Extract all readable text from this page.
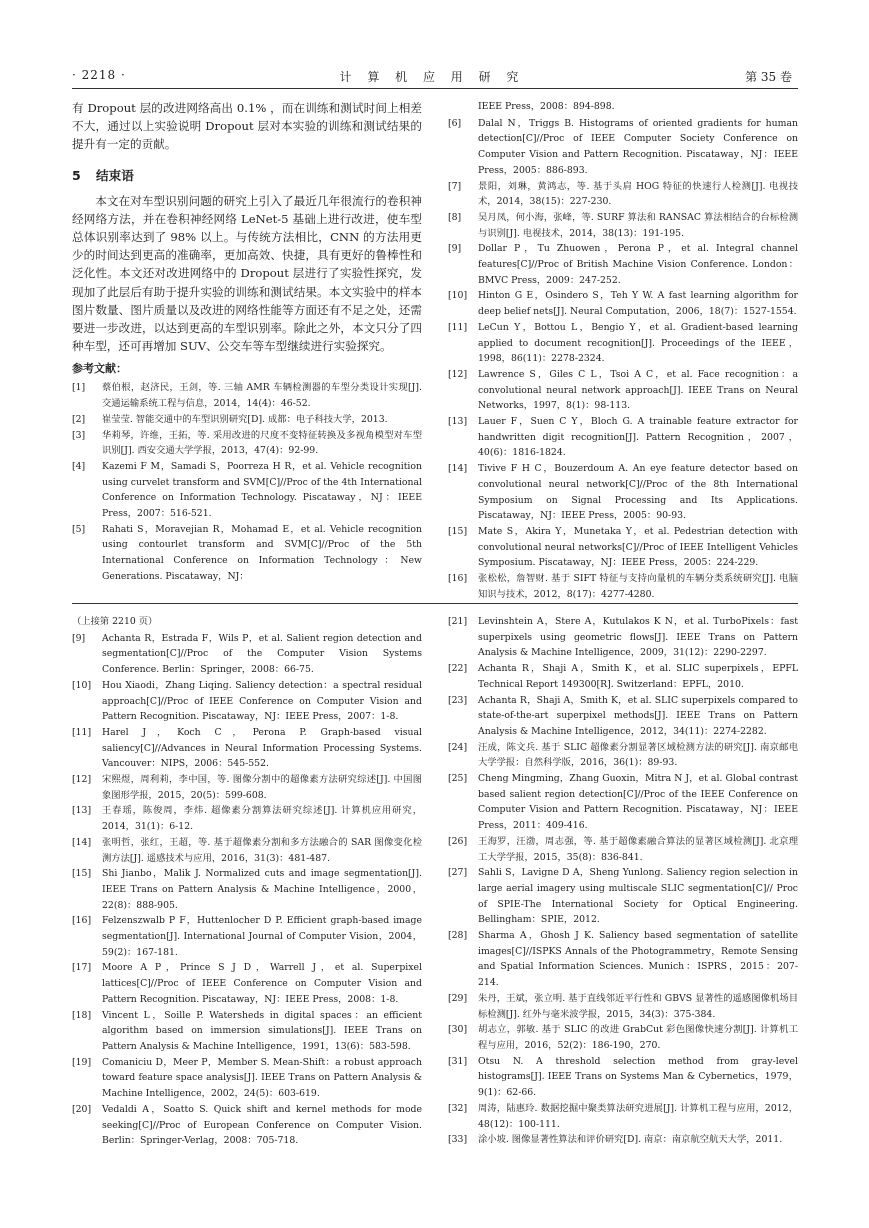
计 算 机 应 用 研 究
· 2218 ·	第 35 卷

有 Dropout 层的改进网络高出 0.1% ，而在训练和测试时间上相差不大，通过以上实验说明 Dropout 层对本实验的训练和测试结果的提升有一定的贡献。

5 结束语

本文在对车型识别问题的研究上引入了最近几年很流行的卷积神经网络方法，并在卷积神经网络 LeNet-5 基础上进行改进，使车型总体识别率达到了 98% 以上。与传统方法相比，CNN 的方法用更少的时间达到更高的准确率，更加高效、快捷，具有更好的鲁棒性和泛化性。本文还对改进网络中的 Dropout 层进行了实验性探究，发现加了此层后有助于提升实验的训练和测试结果。本文实验中的样本图片数量、图片质量以及改进的网络性能等方面还有不足之处，还需要进一步改进，以达到更高的车型识别率。除此之外，本文只分了四种车型，还可再增加 SUV、公交车等车型继续进行实验探究。

参考文献：
[1]	蔡伯根，赵济民，王剑，等. 三轴 AMR 车辆检测器的车型分类设计实现[J]. 交通运输系统工程与信息，2014，14(4)：46-52.
[2]	崔莹莹. 智能交通中的车型识别研究[D]. 成都：电子科技大学，2013.
[3]	华莉琴，许维，王拓，等. 采用改进的尺度不变特征转换及多视角模型对车型识别[J]. 西安交通大学学报，2013，47(4)：92-99.
[4]	Kazemi F M，Samadi S，Poorreza H R，et al. Vehicle recognition using curvelet transform and SVM[C]//Proc of the 4th International Conference on Information Technology. Piscataway，NJ：IEEE Press，2007：516-521.
[5]	Rahati S，Moravejian R，Mohamad E，et al. Vehicle recognition using contourlet transform and SVM[C]//Proc of the 5th International Conference on Information Technology：New Generations. Piscataway，NJ：

IEEE Press，2008：894-898.

[6]	Dalal N，Triggs B. Histograms of oriented gradients for human detection[C]//Proc of IEEE Computer Society Conference on Computer Vision and Pattern Recognition. Piscataway，NJ：IEEE Press，2005：886-893.
[7]	景阳，刘琳，黄鸿志，等. 基于头肩 HOG 特征的快速行人检测[J]. 电视技术，2014，38(15)：227-230.
[8]	吴月凤，何小海，张峰，等. SURF 算法和 RANSAC 算法相结合的台标检测与识别[J]. 电视技术，2014，38(13)：191-195.
[9]	Dollar P，Tu Zhuowen，Perona P，et al. Integral channel features[C]//Proc of British Machine Vision Conference. London：BMVC Press，2009：247-252.
[10]	Hinton G E，Osindero S，Teh Y W. A fast learning algorithm for deep belief nets[J]. Neural Computation，2006，18(7)：1527-1554.
[11]	LeCun Y，Bottou L，Bengio Y，et al. Gradient-based learning applied to document recognition[J]. Proceedings of the IEEE，1998，86(11)：2278-2324.
[12]	Lawrence S，Giles C L，Tsoi A C，et al. Face recognition：a convolutional neural network approach[J]. IEEE Trans on Neural Networks，1997，8(1)：98-113.
[13]	Lauer F，Suen C Y，Bloch G. A trainable feature extractor for handwritten digit recognition[J]. Pattern Recognition，2007，40(6)：1816-1824.
[14]	Tivive F H C，Bouzerdoum A. An eye feature detector based on convolutional neural network[C]//Proc of the 8th International Symposium on Signal Processing and Its Applications. Piscataway，NJ：IEEE Press，2005：90-93.
[15]	Mate S，Akira Y，Munetaka Y，et al. Pedestrian detection with convolutional neural networks[C]//Proc of IEEE Intelligent Vehicles Symposium. Piscataway，NJ：IEEE Press，2005：224-229.
[16]	张松松，詹智财. 基于 SIFT 特征与支持向量机的车辆分类系统研究[J]. 电脑知识与技术，2012，8(17)：4277-4280.

（上接第 2210 页）

[9]	Achanta R，Estrada F，Wils P，et al. Salient region detection and segmentation[C]//Proc of the Computer Vision Systems Conference. Berlin：Springer，2008：66-75.
[10]	Hou Xiaodi，Zhang Liqing. Saliency detection：a spectral residual approach[C]//Proc of IEEE Conference on Computer Vision and Pattern Recognition. Piscataway，NJ：IEEE Press，2007：1-8.
[11]	Harel J，Koch C，Perona P. Graph-based visual saliency[C]//Advances in Neural Information Processing Systems. Vancouver：NIPS，2006：545-552.
[12]	宋熙煜，周利莉，李中国，等. 图像分割中的超像素方法研究综述[J]. 中国图象图形学报，2015，20(5)：599-608.
[13]	王春瑶，陈俊周，李炜. 超像素分割算法研究综述[J]. 计算机应用研究，2014，31(1)：6-12.
[14]	张明哲，张红，王超，等. 基于超像素分割和多方法融合的 SAR 图像变化检测方法[J]. 遥感技术与应用，2016，31(3)：481-487.
[15]	Shi Jianbo，Malik J. Normalized cuts and image segmentation[J]. IEEE Trans on Pattern Analysis & Machine Intelligence，2000，22(8)：888-905.
[16]	Felzenszwalb P F，Huttenlocher D P. Efficient graph-based image segmentation[J]. International Journal of Computer Vision，2004，59(2)：167-181.
[17]	Moore A P，Prince S J D，Warrell J，et al. Superpixel lattices[C]//Proc of IEEE Conference on Computer Vision and Pattern Recognition. Piscataway，NJ：IEEE Press，2008：1-8.
[18]	Vincent L，Soille P. Watersheds in digital spaces：an efficient algorithm based on immersion simulations[J]. IEEE Trans on Pattern Analysis & Machine Intelligence，1991，13(6)：583-598.
[19]	Comaniciu D，Meer P，Member S. Mean-Shift：a robust approach toward feature space analysis[J]. IEEE Trans on Pattern Analysis & Machine Intelligence，2002，24(5)：603-619.
[20]	Vedaldi A，Soatto S. Quick shift and kernel methods for mode seeking[C]//Proc of European Conference on Computer Vision. Berlin：Springer-Verlag，2008：705-718.
[21]	Levinshtein A，Stere A，Kutulakos K N，et al. TurboPixels：fast superpixels using geometric flows[J]. IEEE Trans on Pattern Analysis & Machine Intelligence，2009，31(12)：2290-2297.
[22]	Achanta R，Shaji A，Smith K，et al. SLIC superpixels，EPFL Technical Report 149300[R]. Switzerland：EPFL，2010.
[23]	Achanta R，Shaji A，Smith K，et al. SLIC superpixels compared to state-of-the-art superpixel methods[J]. IEEE Trans on Pattern Analysis & Machine Intelligence，2012，34(11)：2274-2282.
[24]	汪成，陈文兵. 基于 SLIC 超像素分割显著区域检测方法的研究[J]. 南京邮电大学学报：自然科学版，2016，36(1)：89-93.
[25]	Cheng Mingming，Zhang Guoxin，Mitra N J，et al. Global contrast based salient region detection[C]//Proc of the IEEE Conference on Computer Vision and Pattern Recognition. Piscataway，NJ：IEEE Press，2011：409-416.
[26]	王海罗，汪渤，周志强，等. 基于超像素融合算法的显著区域检测[J]. 北京理工大学学报，2015，35(8)：836-841.
[27]	Sahli S，Lavigne D A，Sheng Yunlong. Saliency region selection in large aerial imagery using multiscale SLIC segmentation[C]// Proc of SPIE-The International Society for Optical Engineering. Bellingham：SPIE，2012.
[28]	Sharma A，Ghosh J K. Saliency based segmentation of satellite images[C]//ISPKS Annals of the Photogrammetry，Remote Sensing and Spatial Information Sciences. Munich：ISPRS，2015：207-214.
[29]	朱丹，王斌，张立明. 基于直线邻近平行性和 GBVS 显著性的遥感图像机场目标检测[J]. 红外与毫米波学报，2015，34(3)：375-384.
[30]	胡志立，郭敏. 基于 SLIC 的改进 GrabCut 彩色图像快速分割[J]. 计算机工程与应用，2016，52(2)：186-190，270.
[31]	Otsu N. A threshold selection method from gray-level histograms[J]. IEEE Trans on Systems Man & Cybernetics，1979，9(1)：62-66.
[32]	周涛，陆惠玲. 数据挖掘中聚类算法研究进展[J]. 计算机工程与应用，2012，48(12)：100-111.
[33]	涂小坡. 图像显著性算法和评价研究[D]. 南京：南京航空航天大学，2011.
